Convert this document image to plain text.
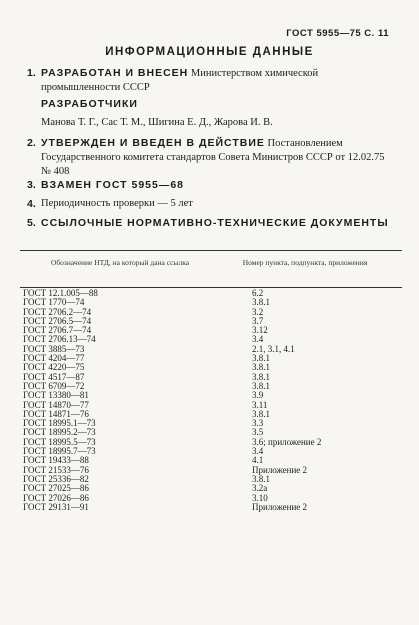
ГОСТ 5955—75 С. 11
ИНФОРМАЦИОННЫЕ ДАННЫЕ
1. РАЗРАБОТАН И ВНЕСЕН Министерством химической промышленности СССР
РАЗРАБОТЧИКИ
Манова Т. Г., Сас Т. М., Шигина Е. Д., Жарова И. В.
2. УТВЕРЖДЕН И ВВЕДЕН В ДЕЙСТВИЕ Постановлением Государственного комитета стандартов Совета Министров СССР от 12.02.75 № 408
3. ВЗАМЕН ГОСТ 5955—68
4. Периодичность проверки — 5 лет
5. ССЫЛОЧНЫЕ НОРМАТИВНО-ТЕХНИЧЕСКИЕ ДОКУМЕНТЫ
Обозначение НТД, на который дана ссылка	Номер пункта, подпункта, приложения
ГОСТ 12.1.005—88	6.2
ГОСТ 1770—74	3.8.1
ГОСТ 2706.2—74	3.2
ГОСТ 2706.5—74	3.7
ГОСТ 2706.7—74	3.12
ГОСТ 2706.13—74	3.4
ГОСТ 3885—73	2.1, 3.1, 4.1
ГОСТ 4204—77	3.8.1
ГОСТ 4220—75	3.8.1
ГОСТ 4517—87	3.8.1
ГОСТ 6709—72	3.8.1
ГОСТ 13380—81	3.9
ГОСТ 14870—77	3.11
ГОСТ 14871—76	3.8.1
ГОСТ 18995.1—73	3.3
ГОСТ 18995.2—73	3.5
ГОСТ 18995.5—73	3.6; приложение 2
ГОСТ 18995.7—73	3.4
ГОСТ 19433—88	4.1
ГОСТ 21533—76	Приложение 2
ГОСТ 25336—82	3.8.1
ГОСТ 27025—86	3.2а
ГОСТ 27026—86	3.10
ГОСТ 29131—91	Приложение 2
